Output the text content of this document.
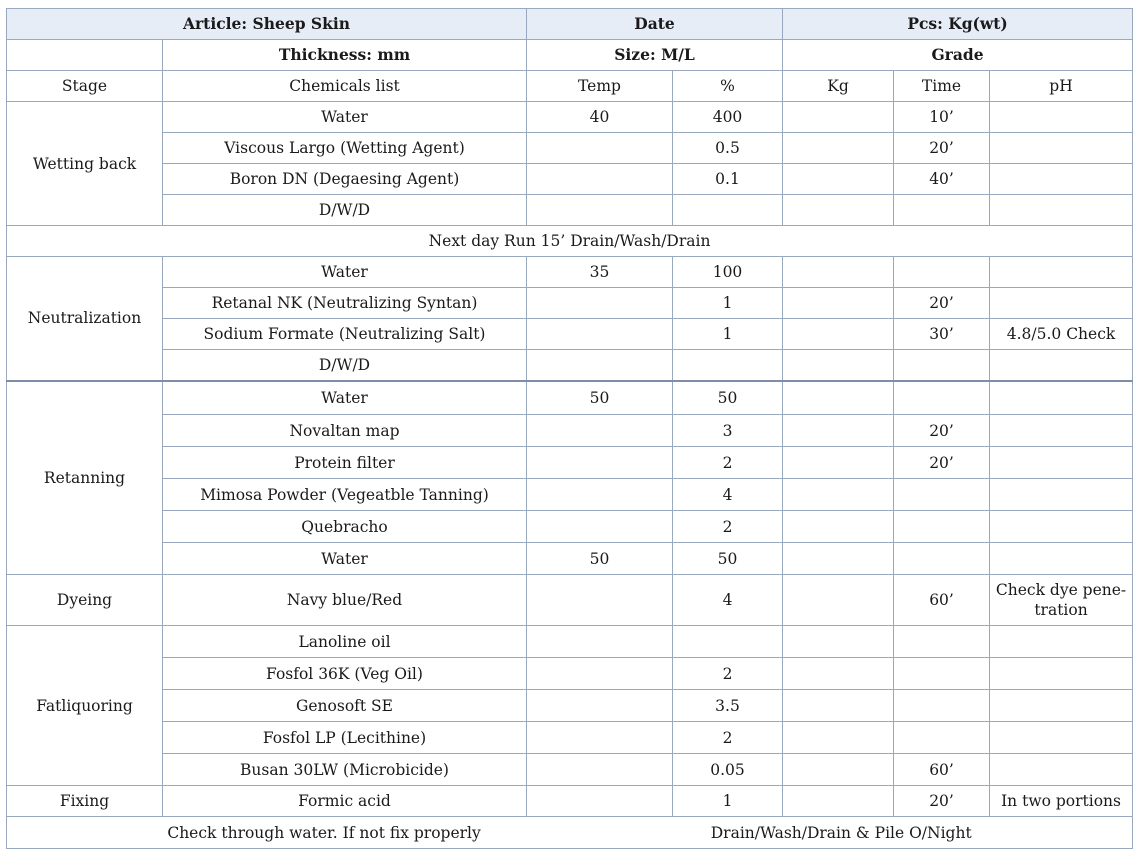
Article: Sheep Skin		Date		Pcs: Kg(wt)		
	Thickness: mm	Size: M/L		Grade		
Stage	Chemicals list	Temp	%	Kg	Time	pH
Wetting back	Water	40	400		10’	
	Viscous Largo (Wetting Agent)		0.5		20’	
	Boron DN (Degaesing Agent)		0.1		40’	
	D/W/D					
Next day Run 15’ Drain/Wash/Drain						
Neutralization	Water	35	100			
	Retanal NK (Neutralizing Syntan)		1		20’	
	Sodium Formate (Neutralizing Salt)		1		30’	4.8/5.0 Check
	D/W/D					
Retanning	Water	50	50			
	Novaltan map		3		20’	
	Protein filter		2		20’	
	Mimosa Powder (Vegeatble Tanning)		4			
	Quebracho		2			
	Water	50	50			
Dyeing	Navy blue/Red		4		60’	Check dye pene-tration
Fatliquoring	Lanoline oil					
	Fosfol 36K (Veg Oil)		2			
	Genosoft SE		3.5			
	Fosfol LP (Lecithine)		2			
	Busan 30LW (Microbicide)		0.05		60’	
Fixing	Formic acid		1		20’	In two portions
Check through water. If not fix properly Drain/Wash/Drain & Pile O/Night						
